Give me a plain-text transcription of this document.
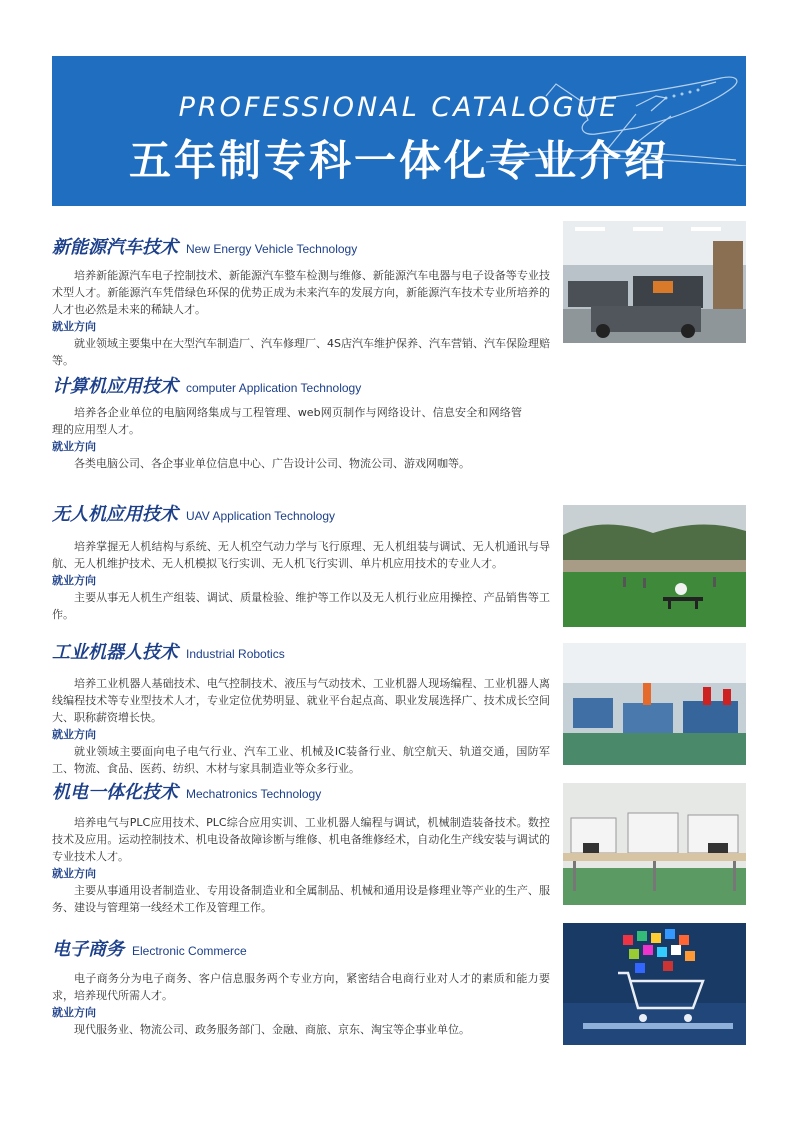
PROFESSIONAL CATALOGUE
五年制专科一体化专业介绍
新能源汽车技术 New Energy Vehicle Technology

培养新能源汽车电子控制技术、新能源汽车整车检测与维修、新能源汽车电器与电子设备等专业技术型人才。新能源汽车凭借绿色环保的优势正成为未来汽车的发展方向，新能源汽车技术专业所培养的人才也必然是未来的稀缺人才。

就业方向

就业领域主要集中在大型汽车制造厂、汽车修理厂、4S店汽车维护保养、汽车营销、汽车保险理赔等。

计算机应用技术 computer Application Technology

培养各企业单位的电脑网络集成与工程管理、web网页制作与网络设计、信息安全和网络管理的应用型人才。

就业方向

各类电脑公司、各企事业单位信息中心、广告设计公司、物流公司、游戏网咖等。

无人机应用技术 UAV Application Technology

培养掌握无人机结构与系统、无人机空气动力学与飞行原理、无人机组装与调试、无人机通讯与导航、无人机维护技术、无人机模拟飞行实训、无人机飞行实训、单片机应用技术的专业人才。

就业方向

主要从事无人机生产组装、调试、质量检验、维护等工作以及无人机行业应用操控、产品销售等工作。

工业机器人技术 Industrial Robotics

培养工业机器人基础技术、电气控制技术、液压与气动技术、工业机器人现场编程、工业机器人离线编程技术等专业型技术人才，专业定位优势明显、就业平台起点高、职业发展选择广、技术成长空间大、职称薪资增长快。

就业方向

就业领域主要面向电子电气行业、汽车工业、机械及IC装备行业、航空航天、轨道交通，国防军工、物流、食品、医药、纺织、木材与家具制造业等众多行业。

机电一体化技术 Mechatronics Technology

培养电气与PLC应用技术、PLC综合应用实训、工业机器人编程与调试，机械制造装备技术。数控技术及应用。运动控制技术、机电设备故障诊断与维修、机电备维修经术，自动化生产线安装与调试的专业技术人才。

就业方向

主要从事通用设者制造业、专用设备制造业和全属制品、机械和通用设是修理业等产业的生产、服务、建设与管理第一线经术工作及管理工作。

电子商务 Electronic Commerce

电子商务分为电子商务、客户信息服务两个专业方向，紧密结合电商行业对人才的素质和能力要求，培养现代所需人才。

就业方向

现代服务业、物流公司、政务服务部门、金融、商旅、京东、淘宝等企事业单位。
